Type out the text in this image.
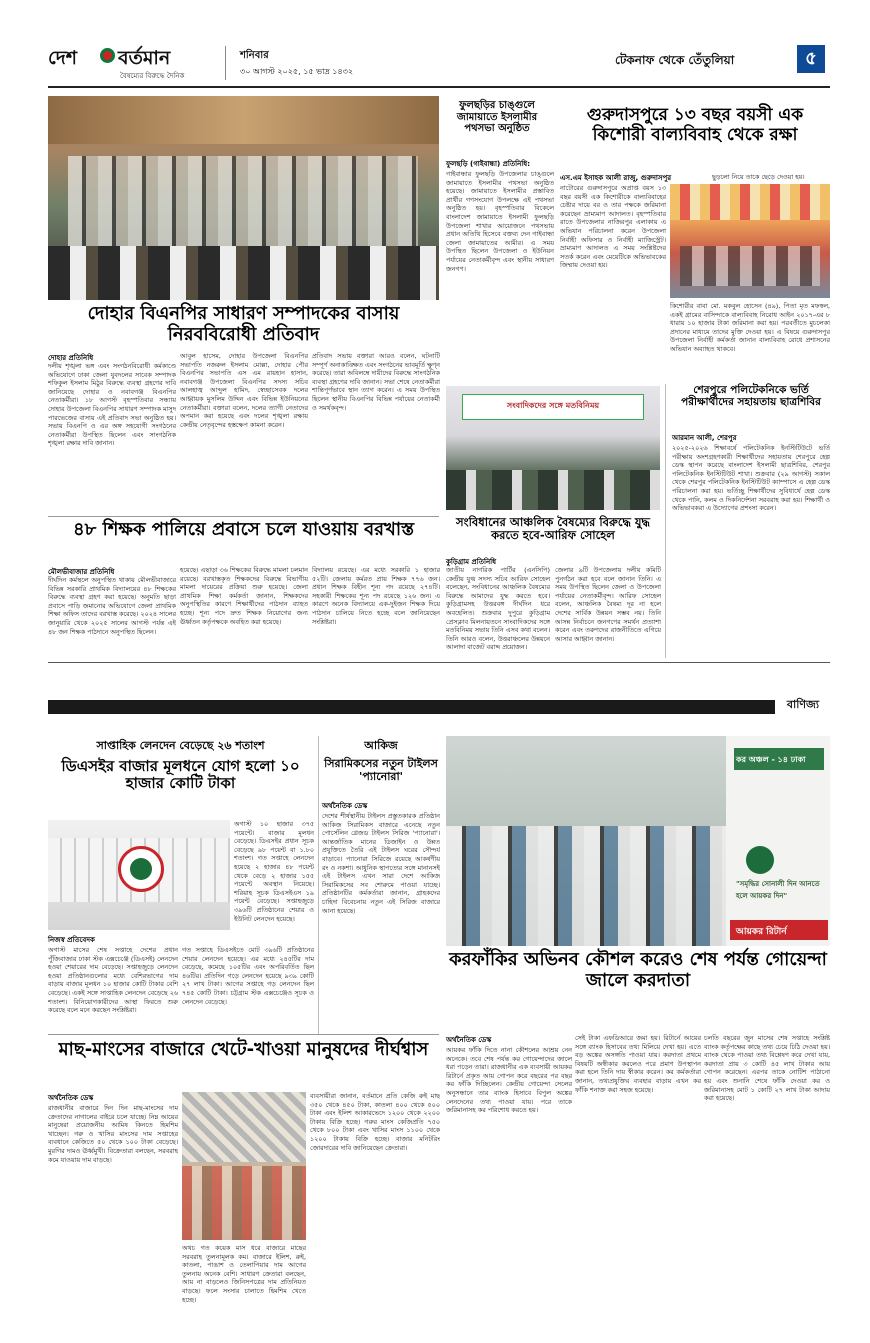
দেশ বর্তমান
বৈষম্যের বিরুদ্ধে দৈনিক
শনিবার
৩০ আগস্ট ২০২৫, ১৫ ভাদ্র ১৪৩২
টেকনাফ থেকে তেঁতুলিয়া	৫
ফুলছড়ির চাঙ্গুলে জামায়াতে ইসলামীর পথসভা অনুষ্ঠিত
ফুলছড়ি (গাইবান্ধা) প্রতিনিধি:
গাইবান্ধার ফুলছড়ি উপজেলার চাঙ্গুলে জামায়াতে ইসলামীর পথসভা অনুষ্ঠিত হয়েছে। জামায়াতে ইসলামীর প্রস্তাবিত প্রার্থীর গণসংযোগ উপলক্ষে এই পথসভা অনুষ্ঠিত হয়। বৃহস্পতিবার বিকেলে বাংলাদেশ জামায়াতে ইসলামী ফুলছড়ি উপজেলা শাখার আয়োজনে পথসভায় প্রধান অতিথি হিসেবে বক্তব্য দেন গাইবান্ধা জেলা জামায়াতের আমীর। এ সময় উপস্থিত ছিলেন উপজেলা ও ইউনিয়ন পর্যায়ের নেতাকর্মীবৃন্দ এবং স্থানীয় সাধারণ জনগণ।
গুরুদাসপুরে ১৩ বছর বয়সী এক কিশোরী বাল্যবিবাহ থেকে রক্ষা
এস.এম ইসাহক আলী রাজু, গুরুদাসপুর	ছুড়লো নিয়ে তাকে ছেড়ে দেওয়া হয়।
নাটোরের গুরুদাসপুরে অপ্রাপ্ত বয়স ১৩ বছর বয়সী এক কিশোরীকে বাল্যবিবাহের চেষ্টার দায়ে বর ও তার পক্ষকে জরিমানা করেছেন ভ্রাম্যমাণ আদালত। বৃহস্পতিবার রাতে উপজেলার নাজিরপুর এলাকায় এ অভিযান পরিচালনা করেন উপজেলা নির্বাহী অফিসার ও নির্বাহী ম্যাজিস্ট্রেট। ভ্রাম্যমাণ আদালত এ সময় সংশ্লিষ্টদের সতর্ক করেন এবং মেয়েটিকে অভিভাবকের জিম্মায় দেওয়া হয়।
কিশোরীর বাবা মো. মকবুল হোসেন (৪৯), পিতা মৃত মফস্বল, একই গ্রামের বাসিন্দাকে বাল্যবিবাহ নিরোধ আইন ২০১৭-এর ৮ ধারায় ১০ হাজার টাকা জরিমানা করা হয়। পরবর্তীতে মুচলেকা প্রদানের মাধ্যমে তাদের মুক্তি দেওয়া হয়। এ বিষয়ে গুরুদাসপুর উপজেলা নির্বাহী কর্মকর্তা জানান বাল্যবিবাহ রোধে প্রশাসনের অভিযান অব্যাহত থাকবে।
দোহার বিএনপির সাধারণ সম্পাদকের বাসায় নিরববিরোধী প্রতিবাদ
দোহার প্রতিনিধি
দলীয় শৃঙ্খলা ভঙ্গ এবং সংগঠনবিরোধী কর্মকাণ্ডে অভিযোগে ঢাকা জেলা যুবদলের সাবেক সম্পাদক শফিকুল ইসলাম মিঠুর বিরুদ্ধে ব্যবস্থা গ্রহণের দাবি জানিয়েছে দোহার ও নবাবগঞ্জ বিএনপির নেতাকর্মীরা। ১৮ আগস্ট বৃহস্পতিবার সন্ধ্যায় দোহার উপজেলা বিএনপির সাধারণ সম্পাদক মাসুদ পারভেজের বাসায় এই প্রতিবাদ সভা অনুষ্ঠিত হয়। সভায় বিএনপি ও এর অঙ্গ সহযোগী সংগঠনের নেতাকর্মীরা উপস্থিত ছিলেন এবং সাংগঠনিক শৃঙ্খলা রক্ষার দাবি জানান।
আবুল হাসেম, দোহার উপজেলা বিএনপির সভাপতি নজরুল ইসলাম মোল্লা, দোহার পৌর বিএনপির সভাপতি এস এম রায়হান হাসান, নবাবগঞ্জ উপজেলা বিএনপির সদস্য সচিব আলহাজ্ব আব্দুল হামিদ, স্বেচ্ছাসেবক দলের আহ্বায়ক মুসলিম উদ্দিন এবং বিভিন্ন ইউনিয়নের নেতাকর্মীরা। বক্তারা বলেন, দলের ত্যাগী নেতাদের অপমান করা হয়েছে এবং দলের শৃঙ্খলা রক্ষায় কেন্দ্রীয় নেতৃবৃন্দের হস্তক্ষেপ কামনা করেন।
প্রতিবাদ সভায় বক্তারা আরও বলেন, ঘটনাটি সম্পূর্ণ অনাকাঙ্ক্ষিত এবং সংগঠনের ভাবমূর্তি ক্ষুণ্ন করেছে। তারা অবিলম্বে দায়ীদের বিরুদ্ধে সাংগঠনিক ব্যবস্থা গ্রহণের দাবি জানান। সভা শেষে নেতাকর্মীরা শান্তিপূর্ণভাবে স্থান ত্যাগ করেন। এ সময় উপস্থিত ছিলেন স্থানীয় বিএনপির বিভিন্ন পর্যায়ের নেতাকর্মী ও সমর্থকবৃন্দ।
শেরপুরে পলিটেকনিকে ভর্তি পরীক্ষার্থীদের সহায়তায় ছাত্রশিবির
আরমান আলী, শেরপুর
২০২৫-২০২৬ শিক্ষাবর্ষে পলিটেকনিক ইনস্টিটিউটে ভর্তি পরীক্ষায় অংশগ্রহণকারী শিক্ষার্থীদের সহায়তায় শেরপুরে হেল্প ডেস্ক স্থাপন করেছে বাংলাদেশ ইসলামী ছাত্রশিবির, শেরপুর পলিটেকনিক ইনস্টিটিউট শাখা। শুক্রবার (২৯ আগস্ট) সকাল থেকে শেরপুর পলিটেকনিক ইনস্টিটিউট ক্যাম্পাসে এ হেল্প ডেস্ক পরিচালনা করা হয়। ভর্তিচ্ছু শিক্ষার্থীদের সুবিধার্থে হেল্প ডেস্ক থেকে পানি, কলম ও দিকনির্দেশনা সরবরাহ করা হয়। শিক্ষার্থী ও অভিভাবকরা এ উদ্যোগের প্রশংসা করেন।
সংবাদিকদের সঙ্গে মতবিনিময়
৪৮ শিক্ষক পালিয়ে প্রবাসে চলে যাওয়ায় বরখাস্ত
মৌলভীবাজার প্রতিনিধি
দীর্ঘদিন কর্মস্থলে অনুপস্থিত থাকায় মৌলভীবাজারে বিভিন্ন সরকারি প্রাথমিক বিদ্যালয়ের ৪৮ শিক্ষকের বিরুদ্ধে ব্যবস্থা গ্রহণ করা হয়েছে। অনুমতি ছাড়া প্রবাসে পাড়ি জমানোর অভিযোগে জেলা প্রাথমিক শিক্ষা অফিস তাদের বরখাস্ত করেছে। ২০২৪ সালের জানুয়ারি থেকে ২০২৫ সালের আগস্ট পর্যন্ত এই ৪৮ জন শিক্ষক পাঠদানে অনুপস্থিত ছিলেন।
হয়েছে। এছাড়া ৩৬ শিক্ষকের বিরুদ্ধে মামলা চলমান রয়েছে। বরখাস্তকৃত শিক্ষকদের বিরুদ্ধে বিভাগীয় মামলা দায়েরের প্রক্রিয়া শুরু হয়েছে। জেলা প্রাথমিক শিক্ষা কর্মকর্তা জানান, শিক্ষকদের অনুপস্থিতির কারণে শিক্ষার্থীদের পাঠদান ব্যাহত হচ্ছে। শূন্য পদে দ্রুত শিক্ষক নিয়োগের জন্য ঊর্ধ্বতন কর্তৃপক্ষকে অবহিত করা হয়েছে।
বিদ্যালয় রয়েছে। এর মধ্যে সরকারি ১ হাজার ৫২টি। জেলায় কর্মরত প্রায় শিক্ষক ৭৭৬ জন। প্রধান শিক্ষক বিহীন শূন্য পদ রয়েছে ২৭৪টি। সহকারী শিক্ষকের শূন্য পদ রয়েছে ১২৬ জন। এ কারণে অনেক বিদ্যালয়ে এক-দুইজন শিক্ষক দিয়ে পাঠদান চালিয়ে নিতে হচ্ছে বলে জানিয়েছেন সংশ্লিষ্টরা।
সংবিধানের আঞ্চলিক বৈষম্যের বিরুদ্ধে যুদ্ধ করতে হবে-আরিফ সোহেল
কুড়িগ্রাম প্রতিনিধি
জাতীয় নাগরিক পার্টির (এনসিপি) কেন্দ্রীয় যুগ্ম সদস্য সচিব আরিফ সোহেল বলেছেন, সংবিধানের আঞ্চলিক বৈষম্যের বিরুদ্ধে আমাদের যুদ্ধ করতে হবে। কুড়িগ্রামসহ উত্তরবঙ্গ দীর্ঘদিন ধরে অবহেলিত। শুক্রবার দুপুরে কুড়িগ্রাম প্রেসক্লাব মিলনায়তনে সাংবাদিকদের সঙ্গে মতবিনিময় সভায় তিনি এসব কথা বলেন। তিনি আরও বলেন, উত্তরাঞ্চলের উন্নয়নে আলাদা বাজেট বরাদ্দ প্রয়োজন।
জেলার ৯টি উপজেলায় দলীয় কমিটি পুনর্গঠন করা হবে বলে জানান তিনি। এ সময় উপস্থিত ছিলেন জেলা ও উপজেলা পর্যায়ের নেতাকর্মীবৃন্দ। আরিফ সোহেল বলেন, আঞ্চলিক বৈষম্য দূর না হলে দেশের সার্বিক উন্নয়ন সম্ভব নয়। তিনি আসন্ন নির্বাচনে জনগণের সমর্থন প্রত্যাশা করেন এবং তরুণদের রাজনীতিতে এগিয়ে আসার আহ্বান জানান।
বাণিজ্য
সাপ্তাহিক লেনদেন বেড়েছে ২৬ শতাংশ
ডিএসইর বাজার মূলধনে যোগ হলো ১০ হাজার কোটি টাকা
নিজস্ব প্রতিবেদক
অগাস্ট ১০ হাজার ৩৭৫ পয়েন্টে। বাজার মূলধন বেড়েছে। ডিএসইর প্রধান সূচক বেড়েছে ৯৮ পয়েন্ট বা ১.৮০ শতাংশ। গত সপ্তাহে লেনদেন হয়েছে ২ হাজার ৪৮ পয়েন্ট থেকে বেড়ে ২ হাজার ১৫৫ পয়েন্টে অবস্থান নিয়েছে। শরিয়াহ সূচক ডিএসইএস ১৯ পয়েন্ট বেড়েছে। সপ্তাহজুড়ে ৩৯৬টি প্রতিষ্ঠানের শেয়ার ও ইউনিট লেনদেন হয়েছে।
অগাস্ট মাসের শেষ সপ্তাহে দেশের প্রধান পুঁজিবাজার ঢাকা স্টক এক্সচেঞ্জে (ডিএসই) লেনদেন হওয়া শেয়ারের দাম বেড়েছে। সপ্তাহজুড়ে লেনদেন হওয়া প্রতিষ্ঠানগুলোর মধ্যে বেশিরভাগের দাম বাড়ায় বাজার মূলধন ১০ হাজার কোটি টাকার বেশি বেড়েছে। একই সঙ্গে সাপ্তাহিক লেনদেন বেড়েছে ২৬ শতাংশ। বিনিয়োগকারীদের আস্থা ফিরতে শুরু করেছে বলে মনে করছেন সংশ্লিষ্টরা।
গত সপ্তাহে ডিএসইতে মোট ৩৯৬টি প্রতিষ্ঠানের শেয়ার লেনদেন হয়েছে। এর মধ্যে ২৪৫টির দাম বেড়েছে, কমেছে ১০৫টির এবং অপরিবর্তিত ছিল ৪৬টির। প্রতিদিন গড়ে লেনদেন হয়েছে ৯৩৯ কোটি ২৭ লাখ টাকা। আগের সপ্তাহে গড় লেনদেন ছিল ৭৪৫ কোটি টাকা। চট্টগ্রাম স্টক এক্সচেঞ্জেও সূচক ও লেনদেন বেড়েছে।
আকিজ
সিরামিকসের নতুন টাইলস 'প্যানোরা'
অর্থনৈতিক ডেস্ক
দেশের শীর্ষস্থানীয় টাইলস প্রস্তুতকারক প্রতিষ্ঠান আকিজ সিরামিকস বাজারে এনেছে নতুন পোর্সেলিন গ্লেজড টাইলস সিরিজ 'প্যানোরা'। আন্তর্জাতিক মানের ডিজাইন ও উন্নত প্রযুক্তিতে তৈরি এই টাইলস ঘরের সৌন্দর্য বাড়াবে। প্যানোরা সিরিজে রয়েছে আকর্ষণীয় রং ও নকশা। আধুনিক স্থাপত্যের সঙ্গে মানানসই এই টাইলস এখন সারা দেশে আকিজ সিরামিকসের সব শোরুমে পাওয়া যাচ্ছে। প্রতিষ্ঠানটির কর্মকর্তারা জানান, গ্রাহকদের চাহিদা বিবেচনায় নতুন এই সিরিজ বাজারে আনা হয়েছে।
কর অঞ্চল - ১৪ ঢাকা
"সমৃদ্ধির সোনালী দিন আনতে হলে আয়কর দিন"
আয়কর রিটার্ন
করফাঁকির অভিনব কৌশল করেও শেষ পর্যন্ত গোয়েন্দা জালে করদাতা
অর্থনৈতিক ডেস্ক
আয়কর ফাঁকি দিতে নানা কৌশলের আশ্রয় নেন অনেকে। তবে শেষ পর্যন্ত কর গোয়েন্দাদের জালে ধরা পড়েন তারা। রাজধানীর এক ব্যবসায়ী আয়কর রিটার্নে প্রকৃত আয় গোপন করে বছরের পর বছর কর ফাঁকি দিচ্ছিলেন। কেন্দ্রীয় গোয়েন্দা সেলের অনুসন্ধানে তার ব্যাংক হিসাবে বিপুল অঙ্কের লেনদেনের তথ্য পাওয়া যায়। পরে তাকে জরিমানাসহ কর পরিশোধ করতে হয়।
সেই টাকা এফডিআরে জমা হয়। রিটার্নে আয়ের সঙ্গে ব্যাংক হিসাবের তথ্য মিলিয়ে দেখা হয়। এতে বড় অঙ্কের অসঙ্গতি পাওয়া যায়। করদাতা প্রথমে বিষয়টি অস্বীকার করলেও পরে প্রমাণ উপস্থাপন করা হলে তিনি দায় স্বীকার করেন। কর কর্মকর্তারা জানান, তথ্যপ্রযুক্তির ব্যবহার বাড়ায় এখন কর ফাঁকি শনাক্ত করা সহজ হয়েছে।
চলতি বছরের জুন মাসের শেষ সপ্তাহে সংশ্লিষ্ট ব্যাংক কর্তৃপক্ষের কাছে তথ্য চেয়ে চিঠি দেওয়া হয়। ব্যাংক থেকে পাওয়া তথ্য বিশ্লেষণ করে দেখা যায়, করদাতা প্রায় ৩ কোটি ৪৫ লাখ টাকার আয় গোপন করেছেন। এরপর তাকে নোটিশ পাঠানো হয় এবং শুনানি শেষে ফাঁকি দেওয়া কর ও জরিমানাসহ মোট ১ কোটি ২৭ লাখ টাকা আদায় করা হয়েছে।
মাছ-মাংসের বাজারে খেটে-খাওয়া মানুষদের দীর্ঘশ্বাস
অর্থনৈতিক ডেস্ক
রাজধানীর বাজারে দিন দিন মাছ-মাংসের দাম ক্রেতাদের নাগালের বাইরে চলে যাচ্ছে। নিম্ন আয়ের মানুষেরা প্রয়োজনীয় আমিষ কিনতে হিমশিম খাচ্ছেন। গরু ও খাসির মাংসের দাম সপ্তাহের ব্যবধানে কেজিতে ৫০ থেকে ১০০ টাকা বেড়েছে। মুরগির দামও ঊর্ধ্বমুখী। বিক্রেতারা বলছেন, সরবরাহ কমে যাওয়ায় দাম বাড়ছে।
অথচ গত কয়েক মাস ধরে বাজারে মাছের সরবরাহ তুলনামূলক কম। বাজারে ইলিশ, রুই, কাতলা, পাঙাশ ও তেলাপিয়ার দাম আগের তুলনায় অনেক বেশি। সাধারণ ক্রেতারা বলছেন, আয় না বাড়লেও জিনিসপত্রের দাম প্রতিনিয়ত বাড়ছে। ফলে সংসার চালাতে হিমশিম খেতে হচ্ছে।
ব্যবসায়ীরা জানান, বর্তমানে প্রতি কেজি রুই মাছ ৩৫০ থেকে ৪৫০ টাকা, কাতলা ৪০০ থেকে ৫০০ টাকা এবং ইলিশ আকারভেদে ১২০০ থেকে ২২০০ টাকায় বিক্রি হচ্ছে। গরুর মাংস কেজিপ্রতি ৭৫০ থেকে ৮০০ টাকা এবং খাসির মাংস ১১০০ থেকে ১২০০ টাকায় বিক্রি হচ্ছে। বাজার মনিটরিং জোরদারের দাবি জানিয়েছেন ক্রেতারা।
